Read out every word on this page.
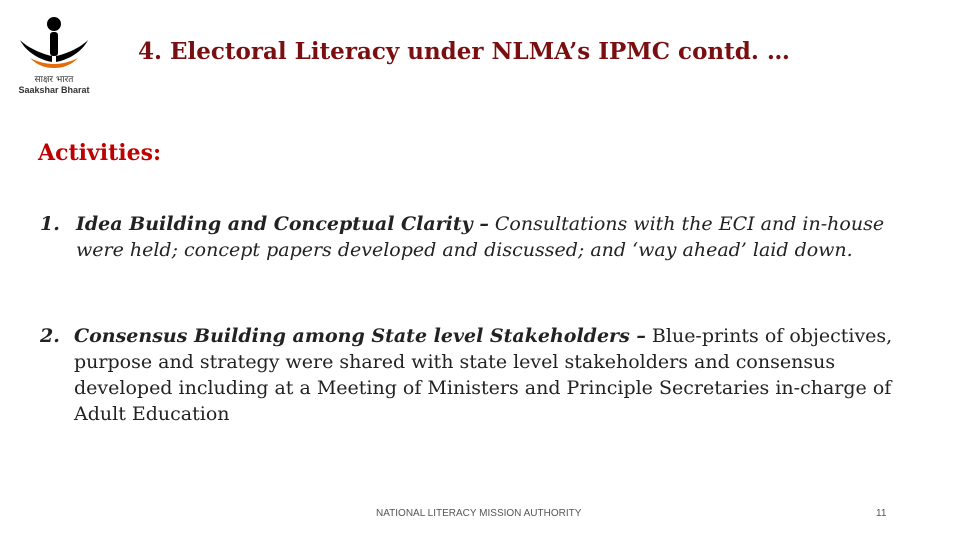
साक्षर भारत
Saakshar Bharat
4. Electoral Literacy under NLMA’s IPMC contd. …
Activities:
1. Idea Building and Conceptual Clarity – Consultations with the ECI and in-house were held; concept papers developed and discussed; and ‘way ahead’ laid down.
2. Consensus Building among State level Stakeholders – Blue-prints of objectives, purpose and strategy were shared with state level stakeholders and consensus developed including at a Meeting of Ministers and Principle Secretaries in-charge of Adult Education
NATIONAL LITERACY MISSION AUTHORITY	11
